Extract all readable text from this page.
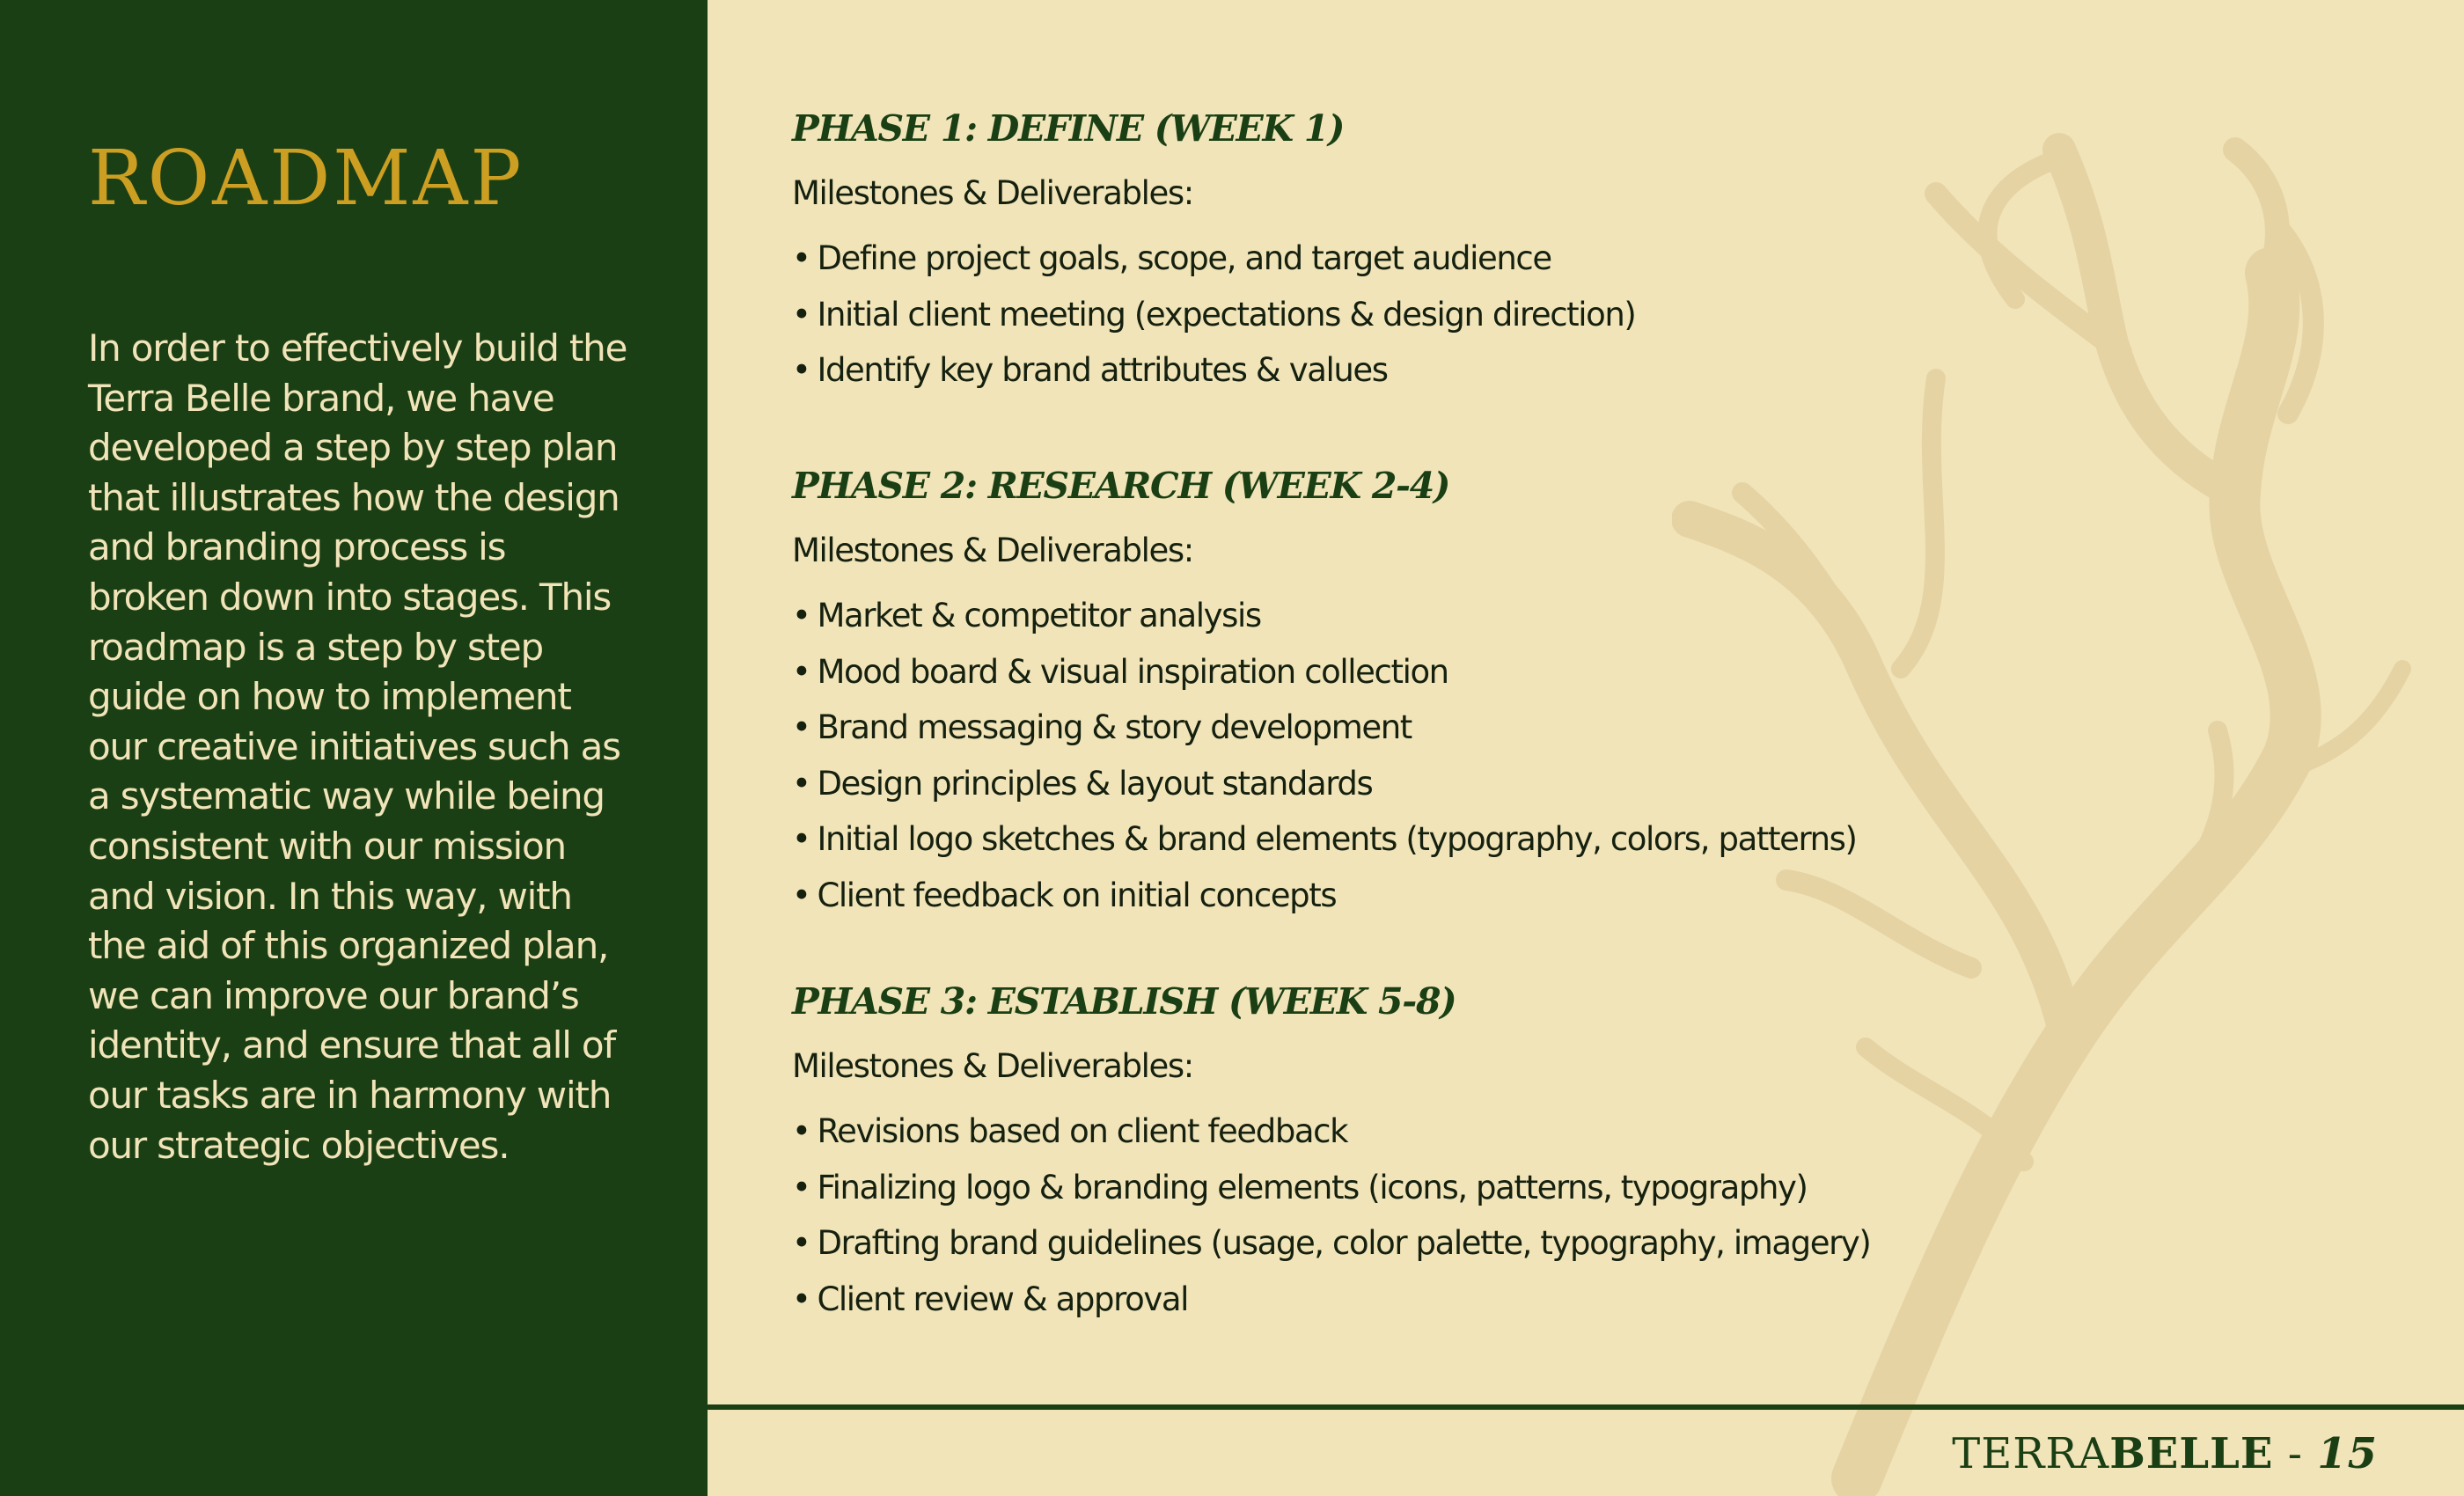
ROADMAP

In order to effectively build the Terra Belle brand, we have developed a step by step plan that illustrates how the design and branding process is broken down into stages. This roadmap is a step by step guide on how to implement our creative initiatives such as a systematic way while being consistent with our mission and vision. In this way, with the aid of this organized plan, we can improve our brand’s identity, and ensure that all of our tasks are in harmony with our strategic objectives.

PHASE 1: DEFINE (WEEK 1)
Milestones & Deliverables:
• Define project goals, scope, and target audience
• Initial client meeting (expectations & design direction)
• Identify key brand attributes & values
PHASE 2: RESEARCH (WEEK 2-4)
Milestones & Deliverables:
• Market & competitor analysis
• Mood board & visual inspiration collection
• Brand messaging & story development
• Design principles & layout standards
• Initial logo sketches & brand elements (typography, colors, patterns)
• Client feedback on initial concepts
PHASE 3: ESTABLISH (WEEK 5-8)
Milestones & Deliverables:
• Revisions based on client feedback
• Finalizing logo & branding elements (icons, patterns, typography)
• Drafting brand guidelines (usage, color palette, typography, imagery)
• Client review & approval
TERRABELLE - 15
